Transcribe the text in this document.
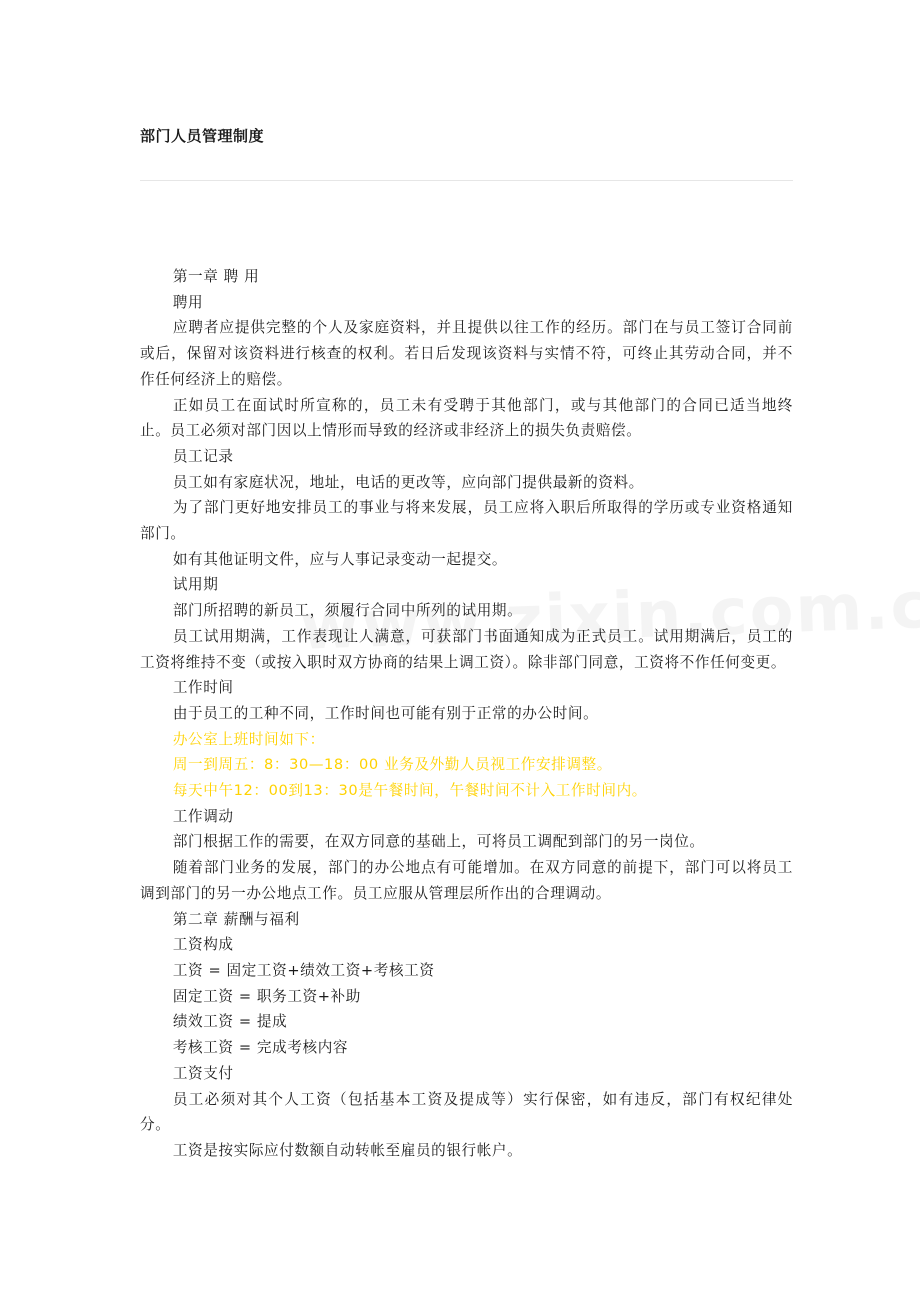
部门人员管理制度

第一章 聘 用

聘用

应聘者应提供完整的个人及家庭资料，并且提供以往工作的经历。部门在与员工签订合同前或后，保留对该资料进行核查的权利。若日后发现该资料与实情不符，可终止其劳动合同，并不作任何经济上的赔偿。

正如员工在面试时所宣称的，员工未有受聘于其他部门，或与其他部门的合同已适当地终止。员工必须对部门因以上情形而导致的经济或非经济上的损失负责赔偿。

员工记录

员工如有家庭状况，地址，电话的更改等，应向部门提供最新的资料。

为了部门更好地安排员工的事业与将来发展，员工应将入职后所取得的学历或专业资格通知部门。

如有其他证明文件，应与人事记录变动一起提交。

试用期

部门所招聘的新员工，须履行合同中所列的试用期。

员工试用期满，工作表现让人满意，可获部门书面通知成为正式员工。试用期满后，员工的工资将维持不变（或按入职时双方协商的结果上调工资）。除非部门同意，工资将不作任何变更。

工作时间

由于员工的工种不同，工作时间也可能有别于正常的办公时间。

办公室上班时间如下：

周一到周五：8：30—18：00 业务及外勤人员视工作安排调整。

每天中午12：00到13：30是午餐时间，午餐时间不计入工作时间内。

工作调动

部门根据工作的需要，在双方同意的基础上，可将员工调配到部门的另一岗位。

随着部门业务的发展，部门的办公地点有可能增加。在双方同意的前提下，部门可以将员工调到部门的另一办公地点工作。员工应服从管理层所作出的合理调动。

第二章 薪酬与福利

工资构成

工资 = 固定工资+绩效工资+考核工资

固定工资 = 职务工资+补助

绩效工资 = 提成

考核工资 = 完成考核内容

工资支付

员工必须对其个人工资（包括基本工资及提成等）实行保密，如有违反，部门有权纪律处分。

工资是按实际应付数额自动转帐至雇员的银行帐户。
